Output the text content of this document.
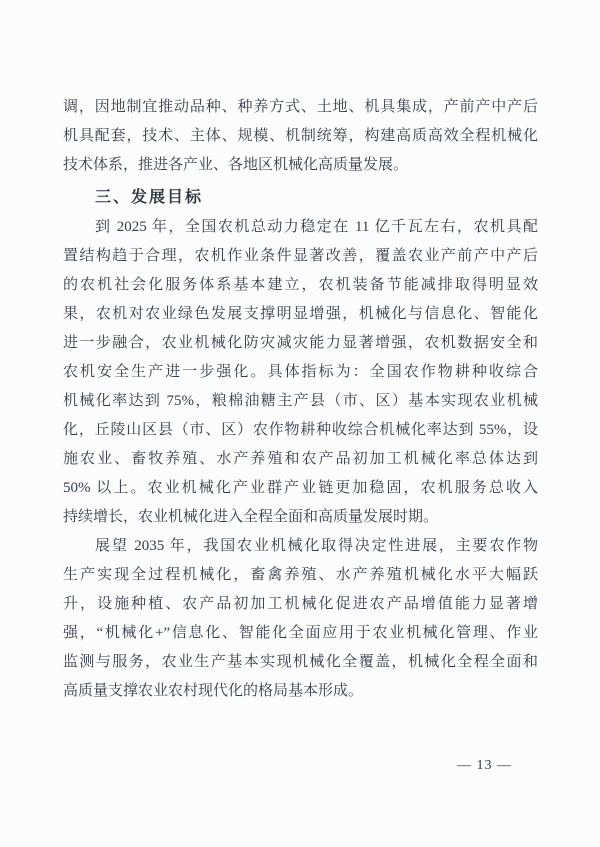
调，因地制宜推动品种、种养方式、土地、机具集成，产前产中产后
机具配套，技术、主体、规模、机制统筹，构建高质高效全程机械化
技术体系，推进各产业、各地区机械化高质量发展。
三、发展目标
到 2025 年，全国农机总动力稳定在 11 亿千瓦左右，农机具配
置结构趋于合理，农机作业条件显著改善，覆盖农业产前产中产后
的农机社会化服务体系基本建立，农机装备节能减排取得明显效
果，农机对农业绿色发展支撑明显增强，机械化与信息化、智能化
进一步融合，农业机械化防灾减灾能力显著增强，农机数据安全和
农机安全生产进一步强化。具体指标为：全国农作物耕种收综合
机械化率达到 75%，粮棉油糖主产县（市、区）基本实现农业机械
化，丘陵山区县（市、区）农作物耕种收综合机械化率达到 55%，设
施农业、畜牧养殖、水产养殖和农产品初加工机械化率总体达到
50% 以上。农业机械化产业群产业链更加稳固，农机服务总收入
持续增长，农业机械化进入全程全面和高质量发展时期。
展望 2035 年，我国农业机械化取得决定性进展，主要农作物
生产实现全过程机械化，畜禽养殖、水产养殖机械化水平大幅跃
升，设施种植、农产品初加工机械化促进农产品增值能力显著增
强，“机械化+”信息化、智能化全面应用于农业机械化管理、作业
监测与服务，农业生产基本实现机械化全覆盖，机械化全程全面和
高质量支撑农业农村现代化的格局基本形成。
— 13 —
